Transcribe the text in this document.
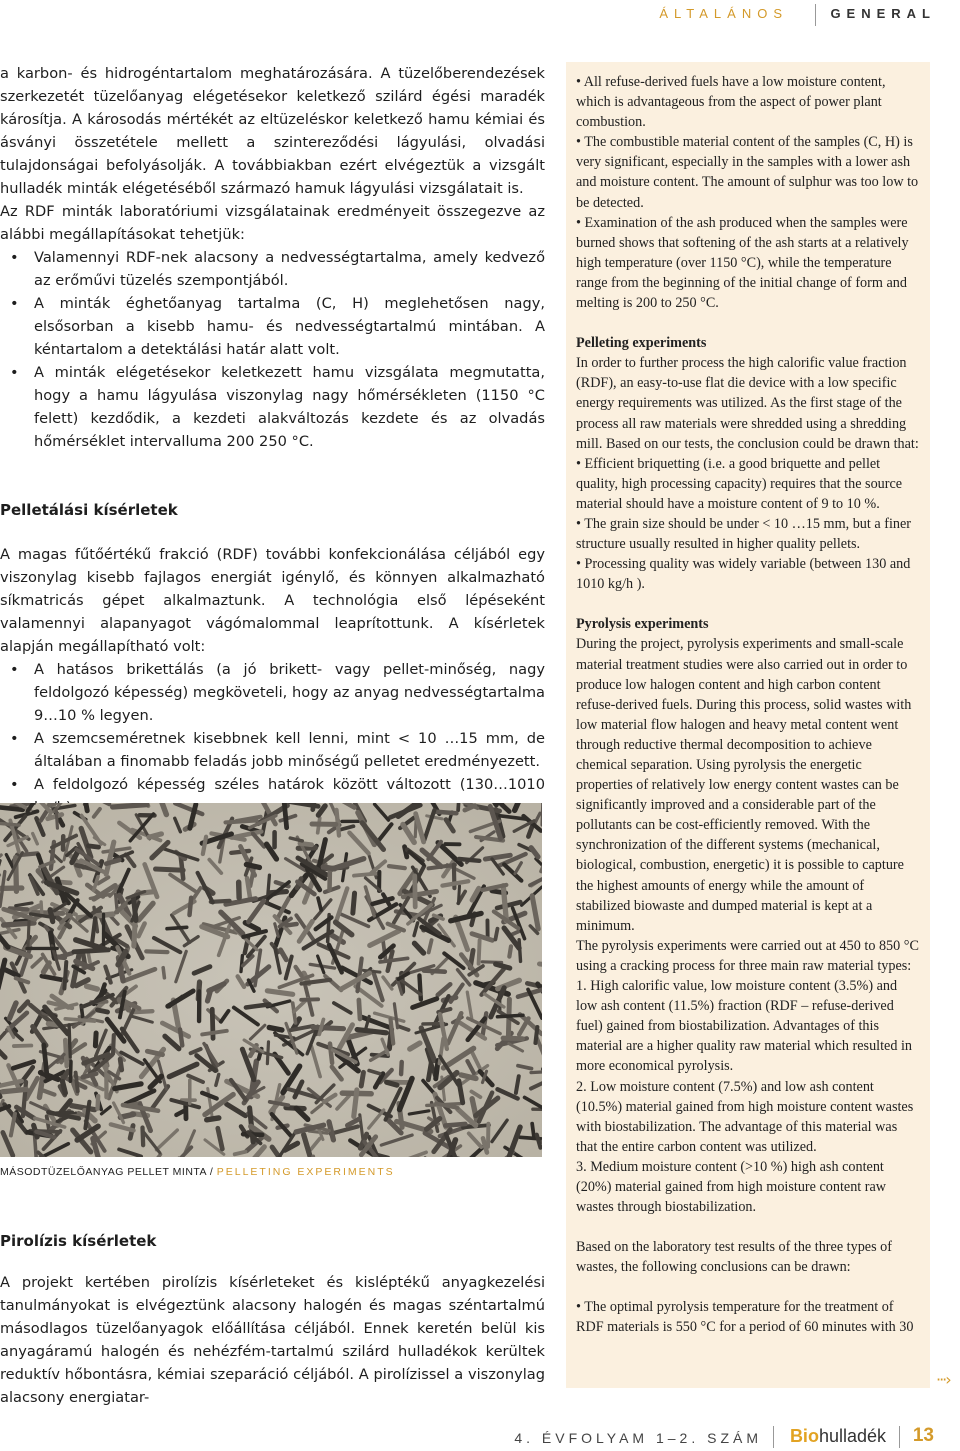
ÁLTALÁNOS	GENERAL

a karbon- és hidrogéntartalom meghatározására. A tüzelőberendezések szerkezetét tüzelőanyag elégetésekor keletkező szilárd égési maradék károsítja. A károsodás mértékét az eltüzeléskor keletkező hamu kémiai és ásványi összetétele mellett a szintereződési lágyulási, olvadási tulajdonságai befolyásolják. A továbbiakban ezért elvégeztük a vizsgált hulladék minták elégetéséből származó hamuk lágyulási vizsgálatait is.

Az RDF minták laboratóriumi vizsgálatainak eredményeit összegezve az alábbi megállapításokat tehetjük:

• Valamennyi RDF-nek alacsony a nedvességtartalma, amely kedvező az erőművi tüzelés szempontjából.
• A minták éghetőanyag tartalma (C, H) meglehetősen nagy, elsősorban a kisebb hamu- és nedvességtartalmú mintában. A kéntartalom a detektálási határ alatt volt.
• A minták elégetésekor keletkezett hamu vizsgálata megmutatta, hogy a hamu lágyulása viszonylag nagy hőmérsékleten (1150 °C felett) kezdődik, a kezdeti alakváltozás kezdete és az olvadás hőmérséklet intervalluma 200 250 °C.

Pelletálási kísérletek

A magas fűtőértékű frakció (RDF) további konfekcionálása céljából egy viszonylag kisebb fajlagos energiát igénylő, és könnyen alkalmazható síkmatricás gépet alkalmaztunk. A technológia első lépéseként valamennyi alapanyagot vágómalommal leaprítottunk. A kísérletek alapján megállapítható volt:

• A hatásos brikettálás (a jó brikett- vagy pellet-minőség, nagy feldolgozó képesség) megköveteli, hogy az anyag nedvességtartalma 9…10 % legyen.
• A szemcseméretnek kisebbnek kell lenni, mint < 10 …15 mm, de általában a finomabb feladás jobb minőségű pelletet eredményezett.
• A feldolgozó képesség széles határok között változott (130…1010
MÁSODTÜZELŐANYAG PELLET MINTA / PELLETING EXPERIMENTS

Pirolízis kísérletek

A projekt kertében pirolízis kísérleteket és kisléptékű anyagkezelési tanulmányokat is elvégeztünk alacsony halogén és magas széntartalmú másodlagos tüzelőanyagok előállítása céljából. Ennek keretén belül kis anyagáramú halogén és nehézfém-tartalmú szilárd hulladékok kerültek reduktív hőbontásra, kémiai szeparáció céljából. A pirolízissel a viszonylag alacsony energiatar-

• All refuse-derived fuels have a low moisture content, which is advantageous from the aspect of power plant combustion.

• The combustible material content of the samples (C, H) is very significant, especially in the samples with a lower ash and moisture content. The amount of sulphur was too low to be detected.

• Examination of the ash produced when the samples were burned shows that softening of the ash starts at a relatively high temperature (over 1150 °C), while the temperature range from the beginning of the initial change of form and melting is 200 to 250 °C.

Pelleting experiments

In order to further process the high calorific value fraction (RDF), an easy-to-use flat die device with a low specific energy requirements was utilized. As the first stage of the process all raw materials were shredded using a shredding mill. Based on our tests, the conclusion could be drawn that:

• Efficient briquetting (i.e. a good briquette and pellet quality, high processing capacity) requires that the source material should have a moisture content of 9 to 10 %.

• The grain size should be under < 10 …15 mm, but a finer structure usually resulted in higher quality pellets.

• Processing quality was widely variable (between 130 and 1010 kg/h ).

Pyrolysis experiments

During the project, pyrolysis experiments and small-scale material treatment studies were also carried out in order to produce low halogen content and high carbon content refuse-derived fuels. During this process, solid wastes with low material flow halogen and heavy metal content went through reductive thermal decomposition to achieve chemical separation. Using pyrolysis the energetic properties of relatively low energy content wastes can be significantly improved and a considerable part of the pollutants can be cost-efficiently removed. With the synchronization of the different systems (mechanical, biological, combustion, energetic) it is possible to capture the highest amounts of energy while the amount of stabilized biowaste and dumped material is kept at a minimum.

The pyrolysis experiments were carried out at 450 to 850 °C using a cracking process for three main raw material types:

1. High calorific value, low moisture content (3.5%) and low ash content (11.5%) fraction (RDF – refuse-derived fuel) gained from biostabilization. Advantages of this material are a higher quality raw material which resulted in more economical pyrolysis.

2. Low moisture content (7.5%) and low ash content (10.5%) material gained from high moisture content wastes with biostabilization. The advantage of this material was that the entire carbon content was utilized.

3. Medium moisture content (>10 %) high ash content (20%) material gained from high moisture content raw wastes through biostabilization.

Based on the laboratory test results of the three types of wastes, the following conclusions can be drawn:

• The optimal pyrolysis temperature for the treatment of RDF materials is 550 °C for a period of 60 minutes with 30

···›
4. ÉVFOLYAM 1–2. SZÁM Biohulladék 13
